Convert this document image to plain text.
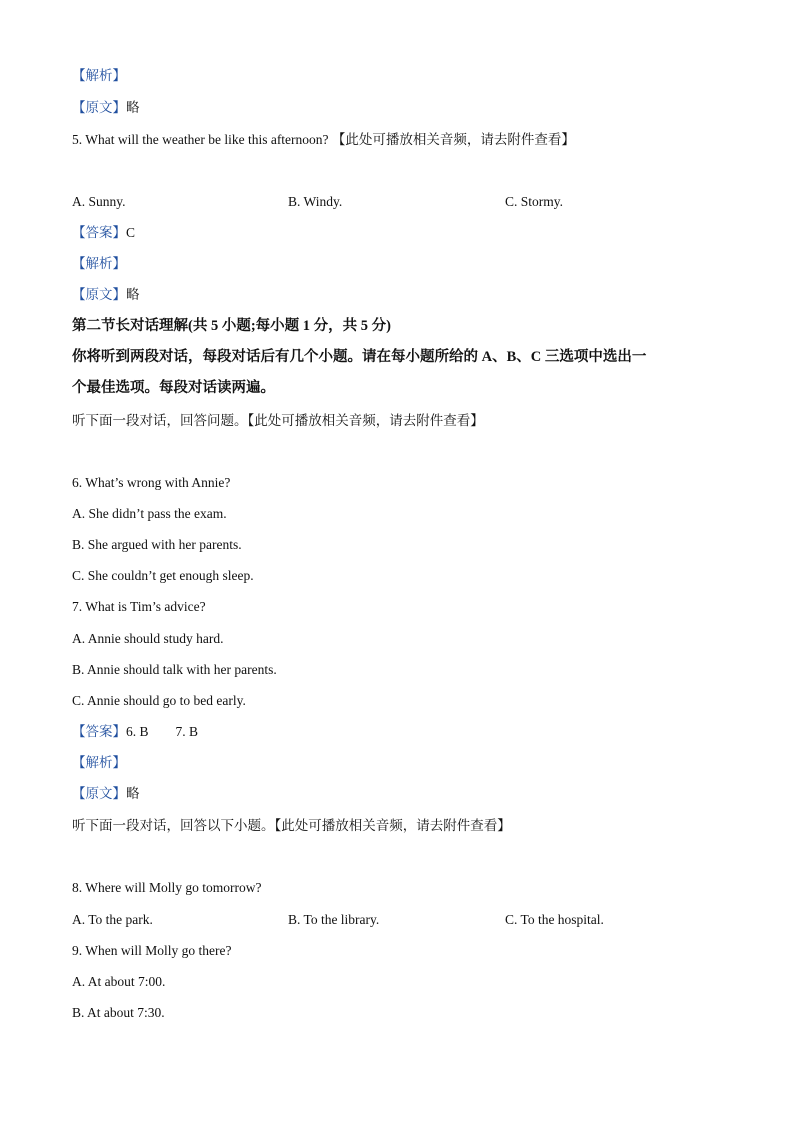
【解析】
【原文】略
5. What will the weather be like this afternoon? 【此处可播放相关音频，请去附件查看】
A. Sunny.	B. Windy.	C. Stormy.
【答案】C
【解析】
【原文】略
第二节长对话理解(共 5 小题;每小题 1 分，共 5 分)
你将听到两段对话，每段对话后有几个小题。请在每小题所给的 A、B、C 三选项中选出一
个最佳选项。每段对话读两遍。
听下面一段对话，回答问题。【此处可播放相关音频，请去附件查看】
6. What’s wrong with Annie?
A. She didn’t pass the exam.
B. She argued with her parents.
C. She couldn’t get enough sleep.
7. What is Tim’s advice?
A. Annie should study hard.
B. Annie should talk with her parents.
C. Annie should go to bed early.
【答案】6. B        7. B
【解析】
【原文】略
听下面一段对话，回答以下小题。【此处可播放相关音频，请去附件查看】
8. Where will Molly go tomorrow?
A. To the park.	B. To the library.	C. To the hospital.
9. When will Molly go there?
A. At about 7:00.
B. At about 7:30.
